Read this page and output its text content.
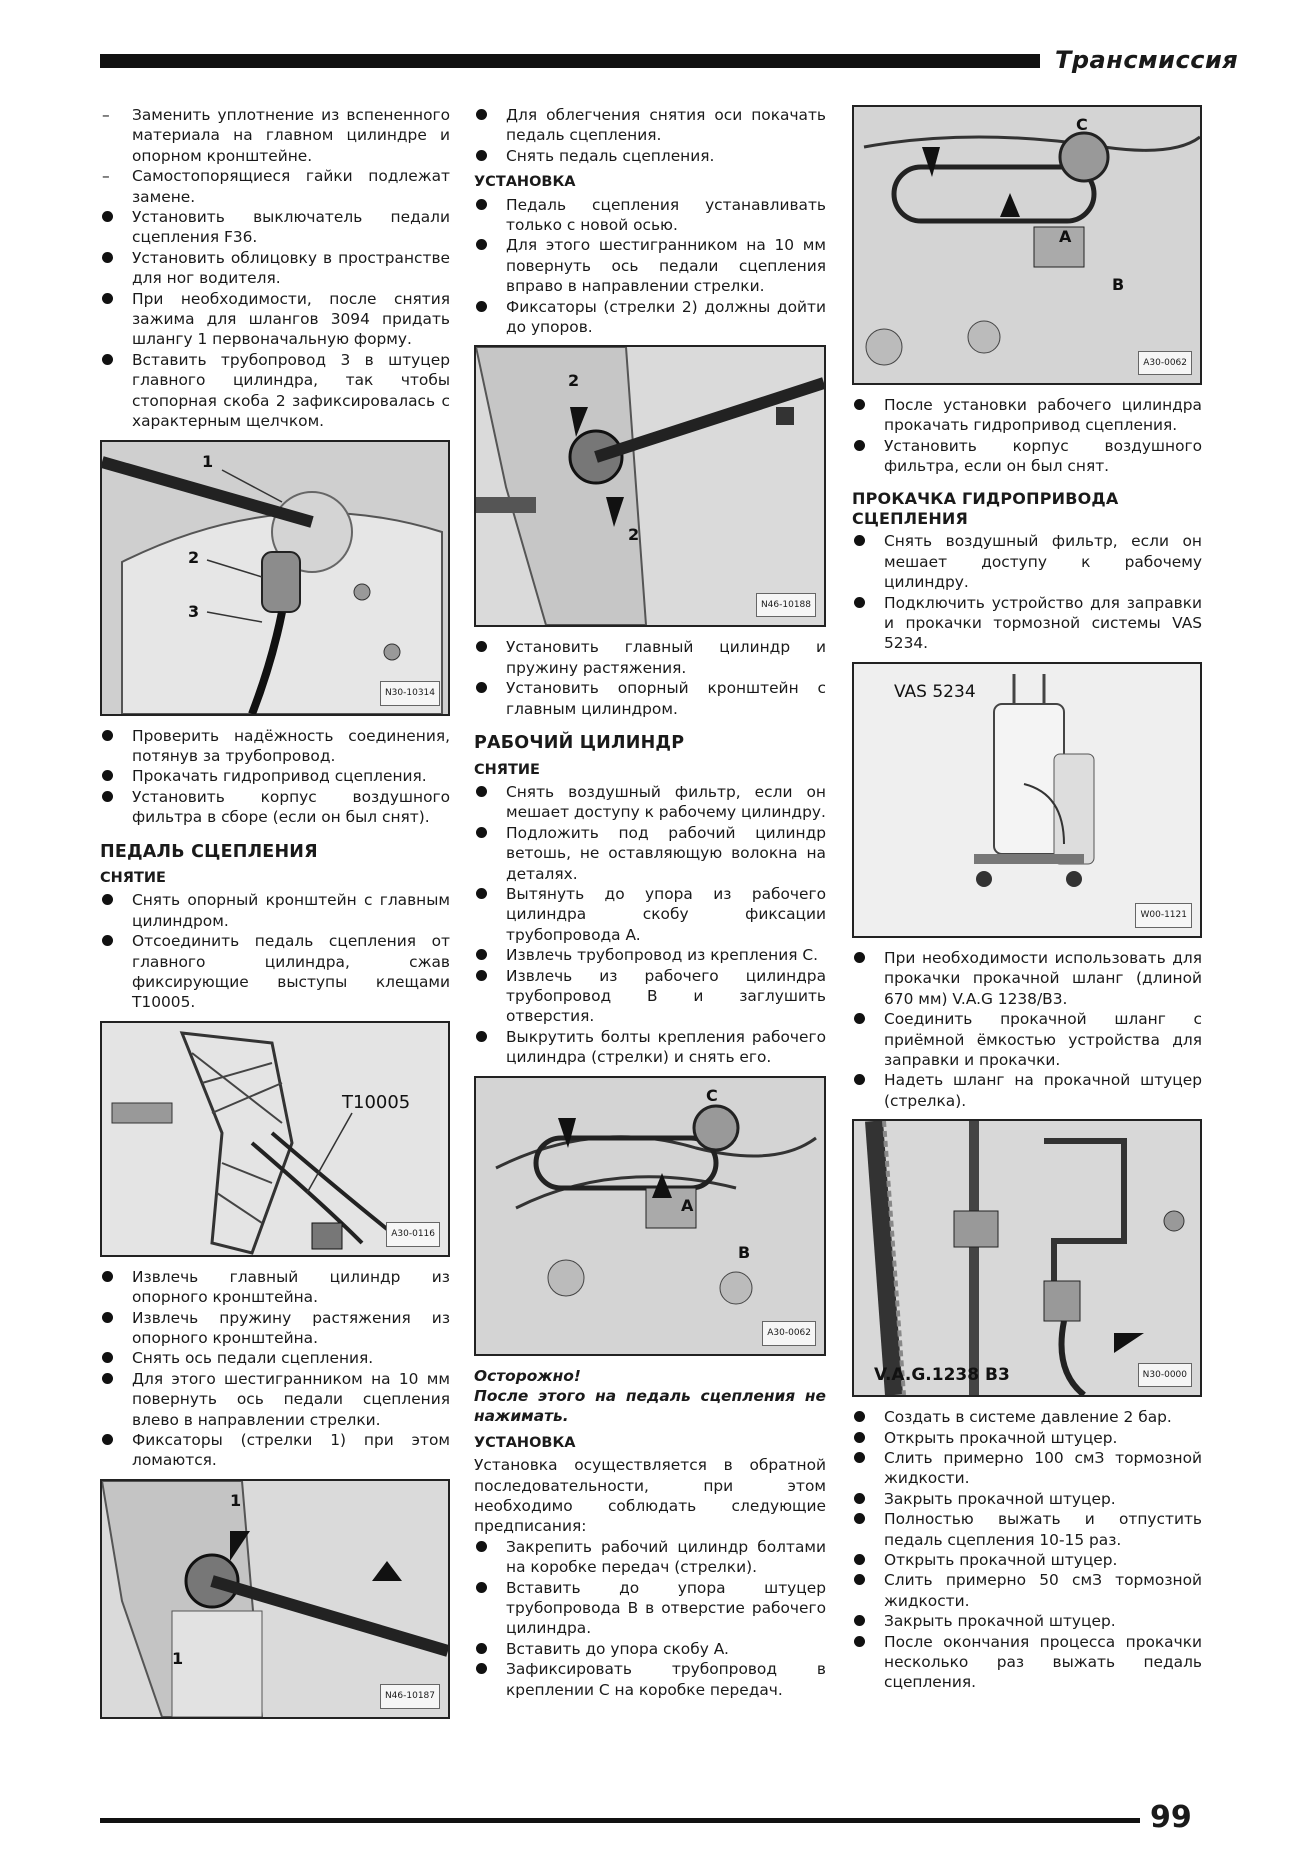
Трансмиссия
– Заменить уплотнение из вспененного материала на главном цилиндре и опорном кронштейне.
– Самостопорящиеся гайки подлежат замене.
Установить выключатель педали сцепления F36.
Установить облицовку в пространстве для ног водителя.
При необходимости, после снятия зажима для шлангов 3094 придать шлангу 1 первоначальную форму.
Вставить трубопровод 3 в штуцер главного цилиндра, так чтобы стопорная скоба 2 зафиксировалась с характерным щелчком.
1
2
3
N30-10314
Проверить надёжность соединения, потянув за трубопровод.
Прокачать гидропривод сцепления.
Установить корпус воздушного фильтра в сборе (если он был снят).
ПЕДАЛЬ СЦЕПЛЕНИЯ
СНЯТИЕ
Снять опорный кронштейн с главным цилиндром.
Отсоединить педаль сцепления от главного цилиндра, сжав фиксирующие выступы клещами T10005.
T10005
A30-0116
Извлечь главный цилиндр из опорного кронштейна.
Извлечь пружину растяжения из опорного кронштейна.
Снять ось педали сцепления.
Для этого шестигранником на 10 мм повернуть ось педали сцепления влево в направлении стрелки.
Фиксаторы (стрелки 1) при этом ломаются.
1
1
N46-10187
Для облегчения снятия оси покачать педаль сцепления.
Снять педаль сцепления.
УСТАНОВКА
Педаль сцепления устанавливать только с новой осью.
Для этого шестигранником на 10 мм повернуть ось педали сцепления вправо в направлении стрелки.
Фиксаторы (стрелки 2) должны дойти до упоров.
2
2
N46-10188
Установить главный цилиндр и пружину растяжения.
Установить опорный кронштейн с главным цилиндром.
РАБОЧИЙ ЦИЛИНДР
СНЯТИЕ
Снять воздушный фильтр, если он мешает доступу к рабочему цилиндру.
Подложить под рабочий цилиндр ветошь, не оставляющую волокна на деталях.
Вытянуть до упора из рабочего цилиндра скобу фиксации трубопровода A.
Извлечь трубопровод из крепления C.
Извлечь из рабочего цилиндра трубопровод B и заглушить отверстия.
Выкрутить болты крепления рабочего цилиндра (стрелки) и снять его.
C
A
B
A30-0062

Осторожно!
После этого на педаль сцепления не нажимать.

УСТАНОВКА

Установка осуществляется в обратной последовательности, при этом необходимо соблюдать следующие предписания:

Закрепить рабочий цилиндр болтами на коробке передач (стрелки).
Вставить до упора штуцер трубопровода B в отверстие рабочего цилиндра.
Вставить до упора скобу A.
Зафиксировать трубопровод в креплении C на коробке передач.
C
A
B
A30-0062
После установки рабочего цилиндра прокачать гидропривод сцепления.
Установить корпус воздушного фильтра, если он был снят.
ПРОКАЧКА ГИДРОПРИВОДА СЦЕПЛЕНИЯ
Снять воздушный фильтр, если он мешает доступу к рабочему цилиндру.
Подключить устройство для заправки и прокачки тормозной системы VAS 5234.
VAS 5234
W00-1121
При необходимости использовать для прокачки прокачной шланг (длиной 670 мм) V.A.G 1238/B3.
Соединить прокачной шланг с приёмной ёмкостью устройства для заправки и прокачки.
Надеть шланг на прокачной штуцер (стрелка).
V.A.G.1238 B3	N30-0000
Создать в системе давление 2 бар.
Открыть прокачной штуцер.
Слить примерно 100 смЗ тормозной жидкости.
Закрыть прокачной штуцер.
Полностью выжать и отпустить педаль сцепления 10-15 раз.
Открыть прокачной штуцер.
Слить примерно 50 смЗ тормозной жидкости.
Закрыть прокачной штуцер.
После окончания процесса прокачки несколько раз выжать педаль сцепления.
99
